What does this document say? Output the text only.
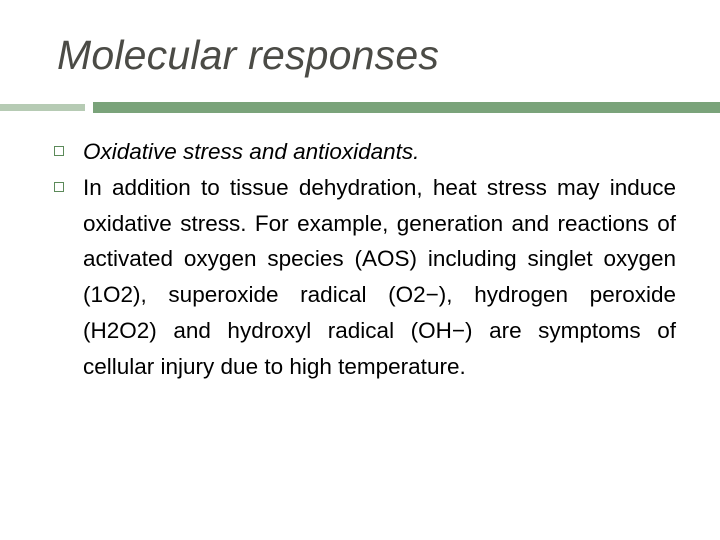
Molecular responses
Oxidative stress and antioxidants.
In addition to tissue dehydration, heat stress may induce oxidative stress. For example, generation and reactions of activated oxygen species (AOS) including singlet oxygen (1O2), superoxide radical (O2−), hydrogen peroxide (H2O2) and hydroxyl radical (OH−) are symptoms of cellular injury due to high temperature.
